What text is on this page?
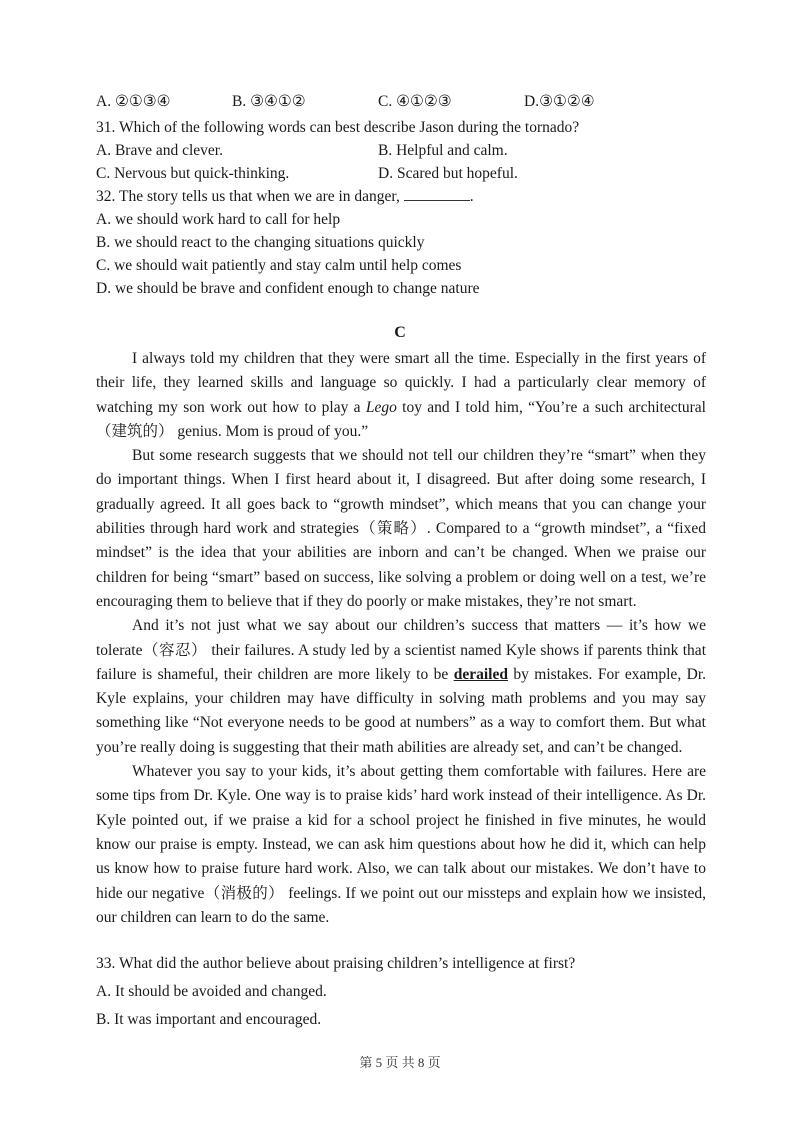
A. ②①③④	B. ③④①②	C. ④①②③	D.③①②④
31. Which of the following words can best describe Jason during the tornado?
A. Brave and clever.	B. Helpful and calm.
C. Nervous but quick-thinking.	D. Scared but hopeful.
32. The story tells us that when we are in danger,	.
A. we should work hard to call for help
B. we should react to the changing situations quickly
C. we should wait patiently and stay calm until help comes
D. we should be brave and confident enough to change nature
C

I always told my children that they were smart all the time. Especially in the first years of their life, they learned skills and language so quickly. I had a particularly clear memory of watching my son work out how to play a Lego toy and I told him, “You’re a such architectural （建筑的） genius. Mom is proud of you.”

But some research suggests that we should not tell our children they’re “smart” when they do important things. When I first heard about it, I disagreed. But after doing some research, I gradually agreed. It all goes back to “growth mindset”, which means that you can change your abilities through hard work and strategies（策略）. Compared to a “growth mindset”, a “fixed mindset” is the idea that your abilities are inborn and can’t be changed. When we praise our children for being “smart” based on success, like solving a problem or doing well on a test, we’re encouraging them to believe that if they do poorly or make mistakes, they’re not smart.

And it’s not just what we say about our children’s success that matters — it’s how we tolerate（容忍） their failures. A study led by a scientist named Kyle shows if parents think that failure is shameful, their children are more likely to be derailed by mistakes. For example, Dr. Kyle explains, your children may have difficulty in solving math problems and you may say something like “Not everyone needs to be good at numbers” as a way to comfort them. But what you’re really doing is suggesting that their math abilities are already set, and can’t be changed.

Whatever you say to your kids, it’s about getting them comfortable with failures. Here are some tips from Dr. Kyle. One way is to praise kids’ hard work instead of their intelligence. As Dr. Kyle pointed out, if we praise a kid for a school project he finished in five minutes, he would know our praise is empty. Instead, we can ask him questions about how he did it, which can help us know how to praise future hard work. Also, we can talk about our mistakes. We don’t have to hide our negative（消极的） feelings. If we point out our missteps and explain how we insisted, our children can learn to do the same.

33. What did the author believe about praising children’s intelligence at first?
A. It should be avoided and changed.
B. It was important and encouraged.
第 5 页 共 8 页
